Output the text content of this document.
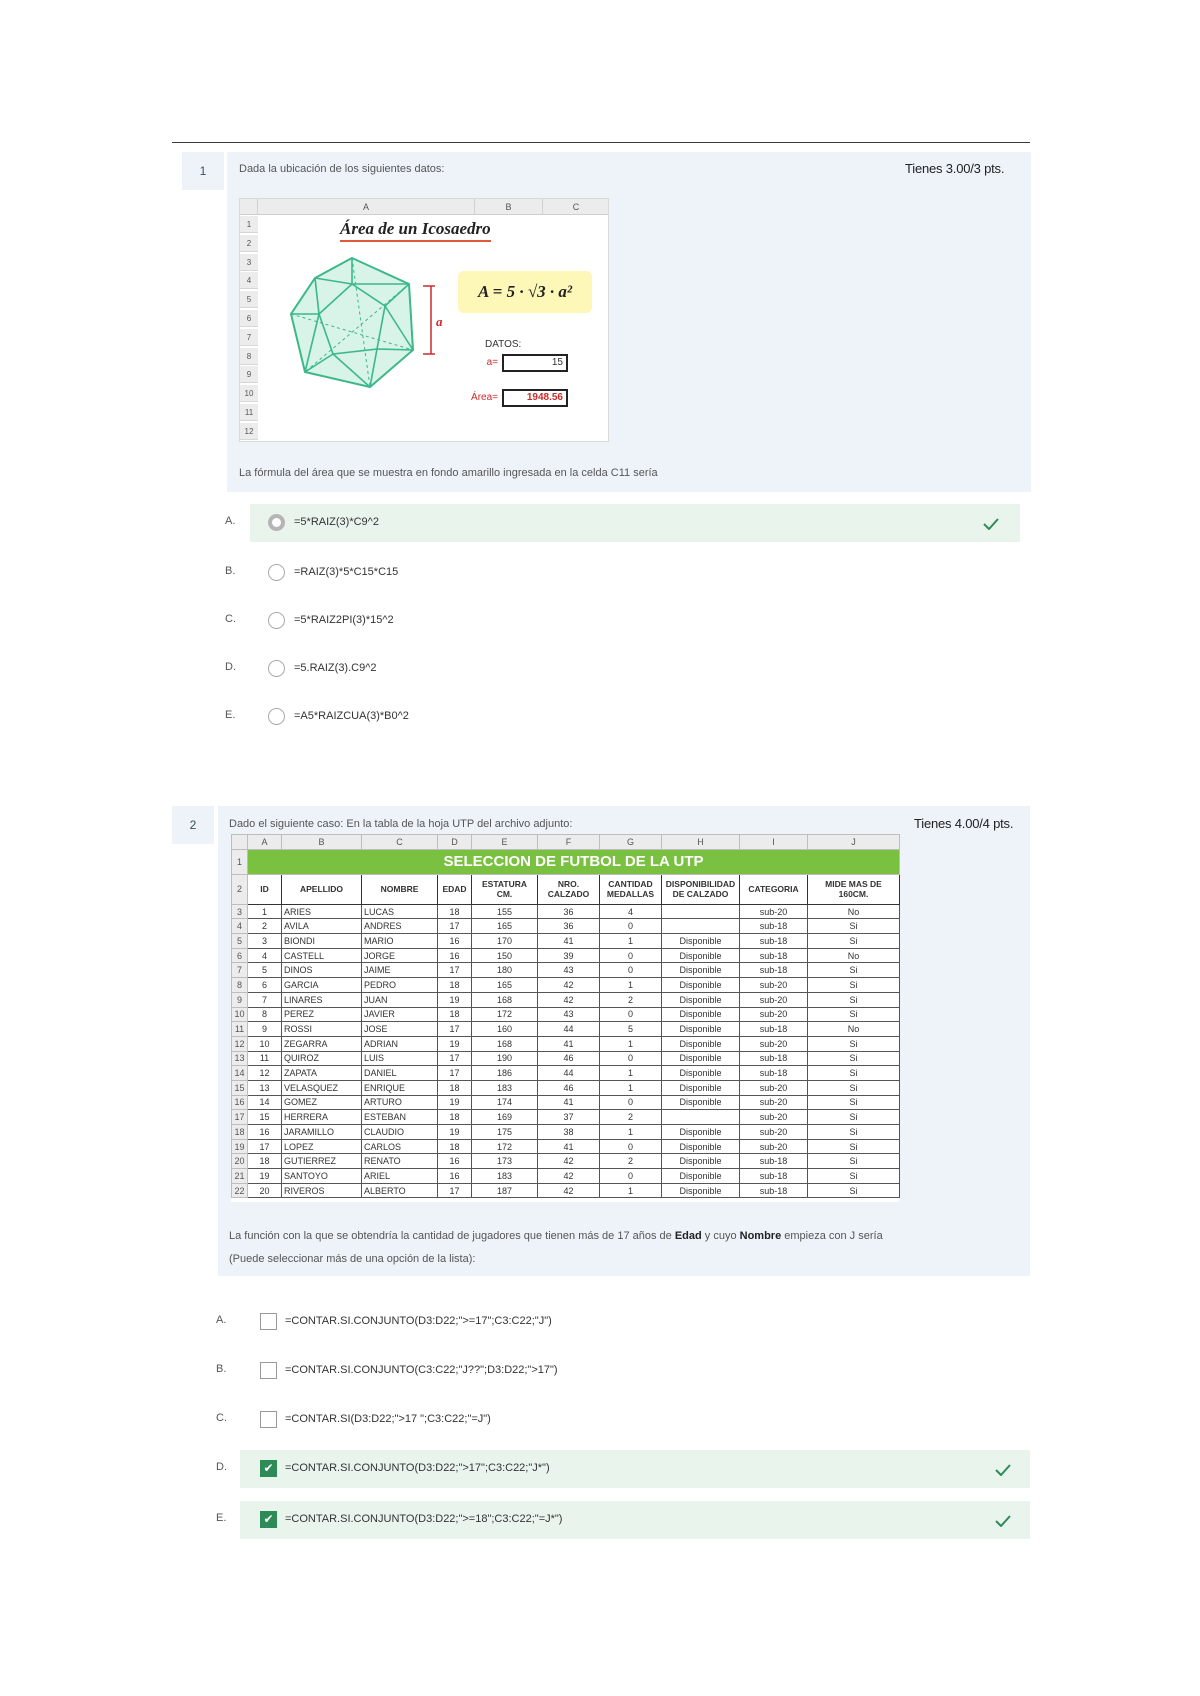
1	Dada la ubicación de los siguientes datos:	Tienes 3.00/3 pts.
A	B	C
1
2
3
4
5
6
7
8
9
10
11
12
Área de un Icosaedro
A = 5 · √3 · a²
a
DATOS:
a=	15
Área=	1948.56
La fórmula del área que se muestra en fondo amarillo ingresada en la celda C11 sería
A.	=5*RAIZ(3)*C9^2
B.	=RAIZ(3)*5*C15*C15
C.	=5*RAIZ2PI(3)*15^2
D.	=5.RAIZ(3).C9^2
E.	=A5*RAIZCUA(3)*B0^2
2	Dado el siguiente caso: En la tabla de la hoja UTP del archivo adjunto:	Tienes 4.00/4 pts.
	A	B	C	D	E	F	G	H	I	J
1	SELECCION DE FUTBOL DE LA UTP									
2	ID	APELLIDO	NOMBRE	EDAD	ESTATURA CM.	NRO. CALZADO	CANTIDAD MEDALLAS	DISPONIBILIDAD DE CALZADO	CATEGORIA	MIDE MAS DE 160CM.
3	1	ARIES	LUCAS	18	155	36	4		sub-20	No
4	2	AVILA	ANDRES	17	165	36	0		sub-18	Si
5	3	BIONDI	MARIO	16	170	41	1	Disponible	sub-18	Si
6	4	CASTELL	JORGE	16	150	39	0	Disponible	sub-18	No
7	5	DINOS	JAIME	17	180	43	0	Disponible	sub-18	Si
8	6	GARCIA	PEDRO	18	165	42	1	Disponible	sub-20	Si
9	7	LINARES	JUAN	19	168	42	2	Disponible	sub-20	Si
10	8	PEREZ	JAVIER	18	172	43	0	Disponible	sub-20	Si
11	9	ROSSI	JOSE	17	160	44	5	Disponible	sub-18	No
12	10	ZEGARRA	ADRIAN	19	168	41	1	Disponible	sub-20	Si
13	11	QUIROZ	LUIS	17	190	46	0	Disponible	sub-18	Si
14	12	ZAPATA	DANIEL	17	186	44	1	Disponible	sub-18	Si
15	13	VELASQUEZ	ENRIQUE	18	183	46	1	Disponible	sub-20	Si
16	14	GOMEZ	ARTURO	19	174	41	0	Disponible	sub-20	Si
17	15	HERRERA	ESTEBAN	18	169	37	2		sub-20	Si
18	16	JARAMILLO	CLAUDIO	19	175	38	1	Disponible	sub-20	Si
19	17	LOPEZ	CARLOS	18	172	41	0	Disponible	sub-20	Si
20	18	GUTIERREZ	RENATO	16	173	42	2	Disponible	sub-18	Si
21	19	SANTOYO	ARIEL	16	183	42	0	Disponible	sub-18	Si
22	20	RIVEROS	ALBERTO	17	187	42	1	Disponible	sub-18	Si
La función con la que se obtendría la cantidad de jugadores que tienen más de 17 años de Edad y cuyo Nombre empieza con J sería
(Puede seleccionar más de una opción de la lista):
A.	=CONTAR.SI.CONJUNTO(D3:D22;">=17";C3:C22;"J")
B.	=CONTAR.SI.CONJUNTO(C3:C22;"J??";D3:D22;">17")
C.	=CONTAR.SI(D3:D22;">17 ";C3:C22;"=J")
D.	✔	=CONTAR.SI.CONJUNTO(D3:D22;">17";C3:C22;"J*")
E.	✔	=CONTAR.SI.CONJUNTO(D3:D22;">=18";C3:C22;"=J*")
